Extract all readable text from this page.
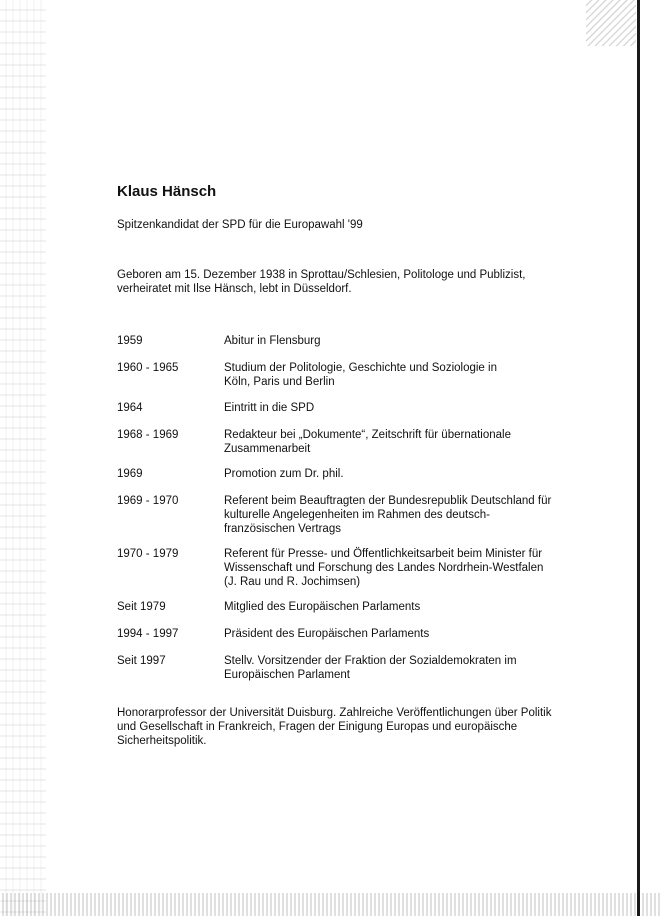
Klaus Hänsch
Spitzenkandidat der SPD für die Europawahl '99
Geboren am 15. Dezember 1938 in Sprottau/Schlesien, Politologe und Publizist,
verheiratet mit Ilse Hänsch, lebt in Düsseldorf.
1959	Abitur in Flensburg
1960 - 1965	Studium der Politologie, Geschichte und Soziologie in
Köln, Paris und Berlin
1964	Eintritt in die SPD
1968 - 1969	Redakteur bei „Dokumente“, Zeitschrift für übernationale
Zusammenarbeit
1969	Promotion zum Dr. phil.
1969 - 1970	Referent beim Beauftragten der Bundesrepublik Deutschland für
kulturelle Angelegenheiten im Rahmen des deutsch-
französischen Vertrags
1970 - 1979	Referent für Presse- und Öffentlichkeitsarbeit beim Minister für
Wissenschaft und Forschung des Landes Nordrhein-Westfalen
(J. Rau und R. Jochimsen)
Seit 1979	Mitglied des Europäischen Parlaments
1994 - 1997	Präsident des Europäischen Parlaments
Seit 1997	Stellv. Vorsitzender der Fraktion der Sozialdemokraten im
Europäischen Parlament
Honorarprofessor der Universität Duisburg. Zahlreiche Veröffentlichungen über Politik
und Gesellschaft in Frankreich, Fragen der Einigung Europas und europäische
Sicherheitspolitik.
